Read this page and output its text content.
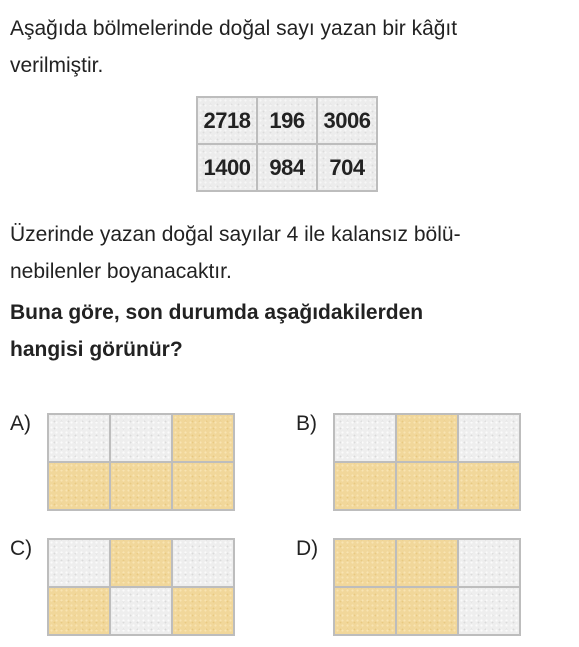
Aşağıda bölmelerinde doğal sayı yazan bir kâğıt
verilmiştir.

2718	196	3006
1400	984	704

Üzerinde yazan doğal sayılar 4 ile kalansız bölü-
nebilenler boyanacaktır.

Buna göre, son durumda aşağıdakilerden
hangisi görünür?

A)	B)
C)	D)
